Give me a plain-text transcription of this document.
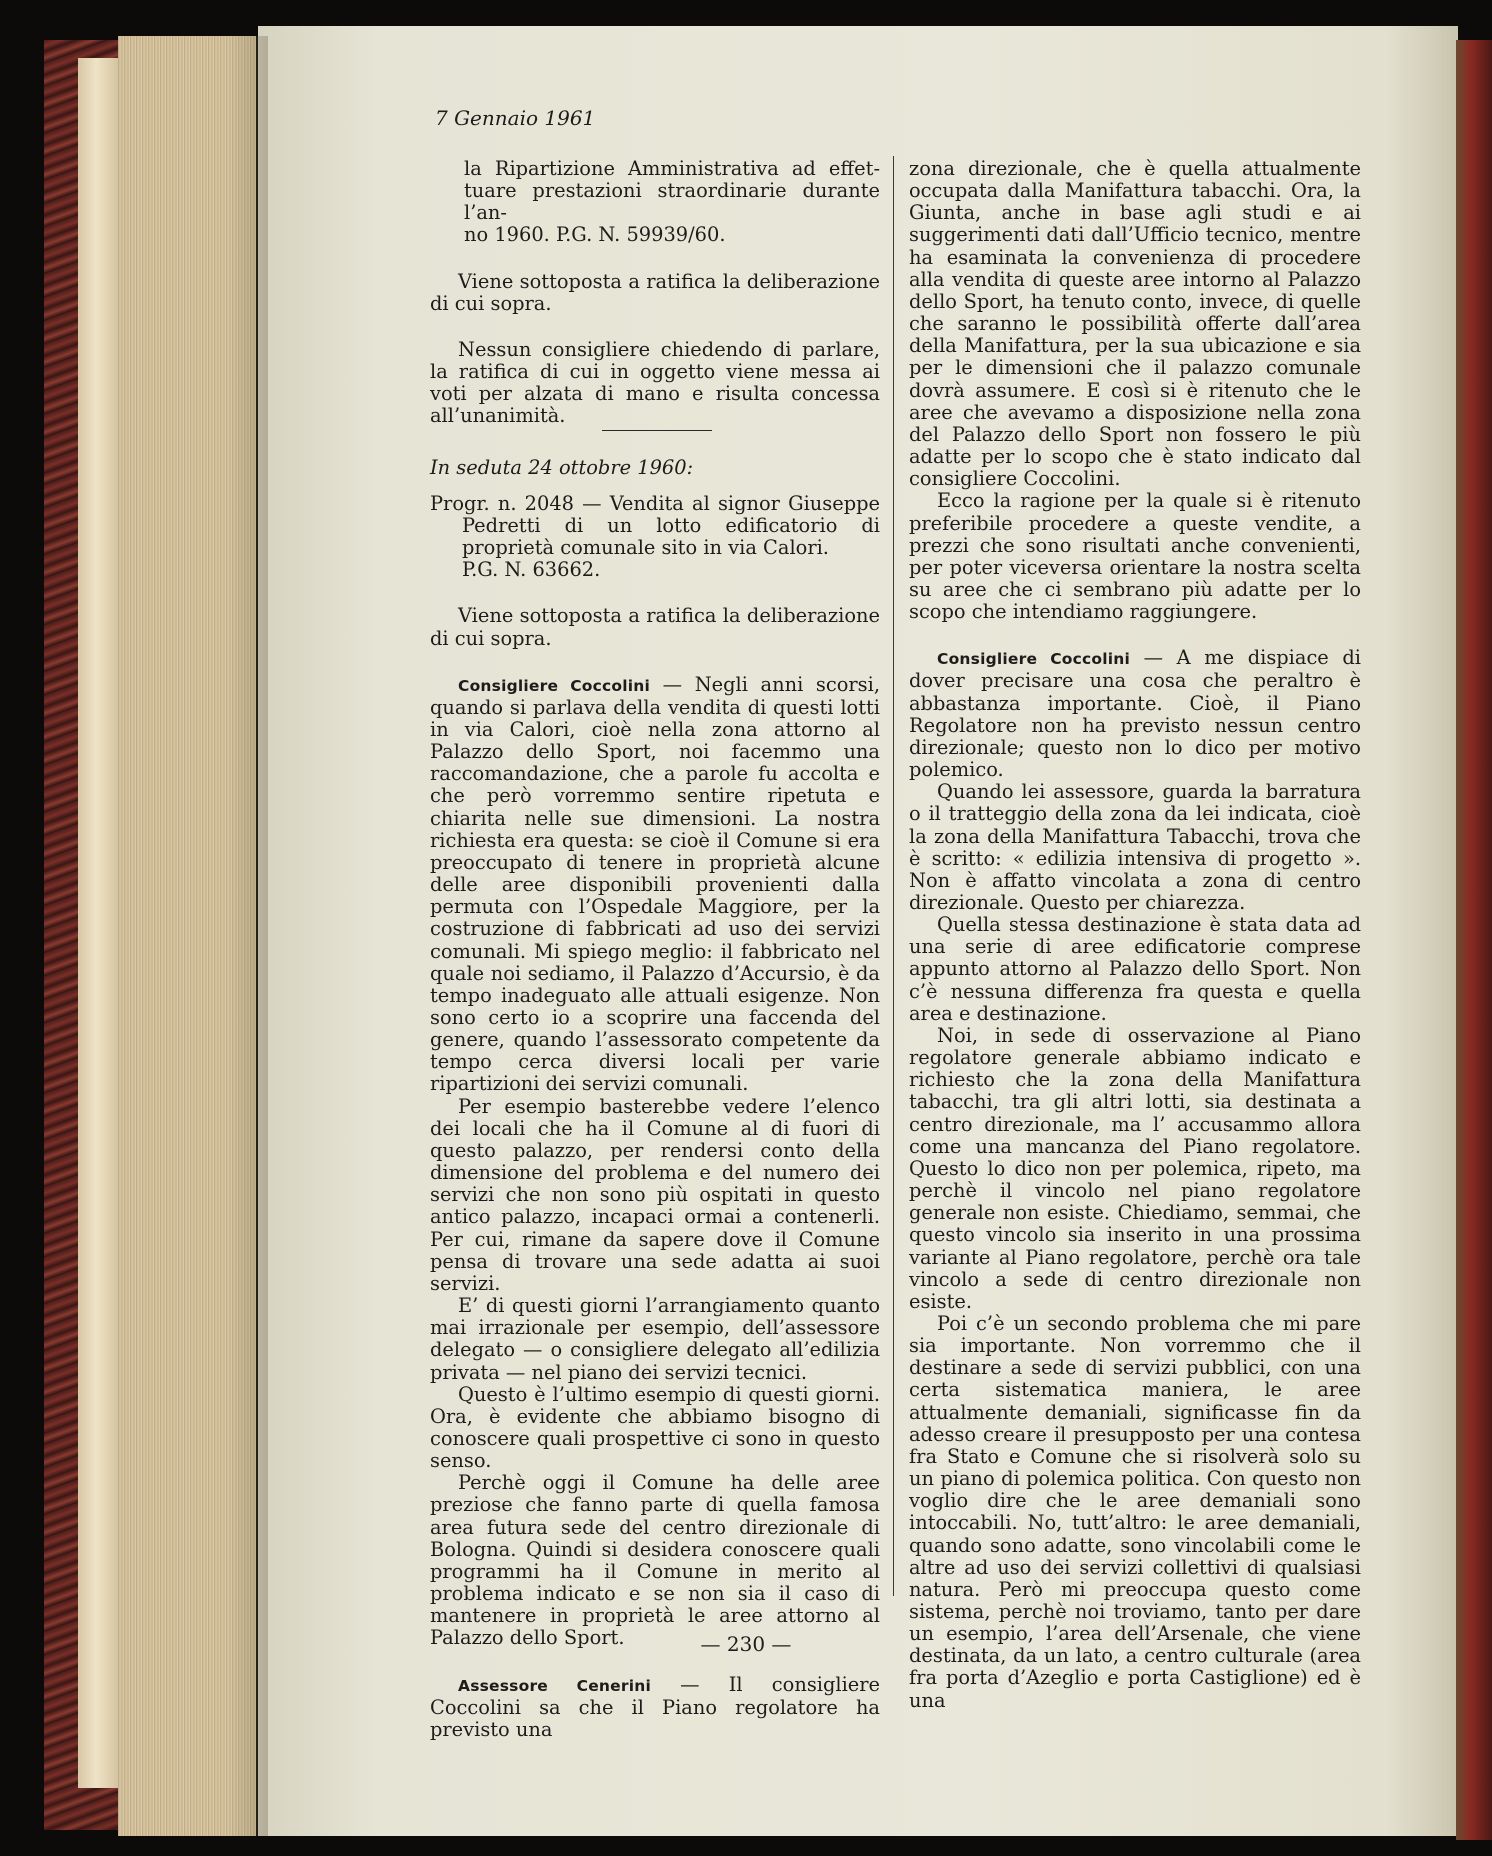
7 Gennaio 1961
la Ripartizione Amministrativa ad effet-
tuare prestazioni straordinarie durante l’an-
no 1960. P.G. N. 59939/60.

Viene sottoposta a ratifica la deliberazione di cui sopra.

Nessun consigliere chiedendo di parlare, la ratifica di cui in oggetto viene messa ai voti per alzata di mano e risulta concessa all’unanimità.

In seduta 24 ottobre 1960:

Progr. n. 2048 — Vendita al signor Giuseppe Pedretti di un lotto edificatorio di proprietà comunale sito in via Calori.

P.G. N. 63662.

Viene sottoposta a ratifica la deliberazione di cui sopra.

Consigliere Coccolini — Negli anni scorsi, quando si parlava della vendita di questi lotti in via Calori, cioè nella zona attorno al Palazzo dello Sport, noi facemmo una raccomandazione, che a parole fu accolta e che però vorremmo sentire ripetuta e chiarita nelle sue dimensioni. La nostra richiesta era questa: se cioè il Comune si era preoccupato di tenere in proprietà alcune delle aree disponibili provenienti dalla permuta con l’Ospedale Maggiore, per la costruzione di fabbricati ad uso dei servizi comunali. Mi spiego meglio: il fabbricato nel quale noi sediamo, il Palazzo d’Accursio, è da tempo inadeguato alle attuali esigenze. Non sono certo io a scoprire una faccenda del genere, quando l’assessorato competente da tempo cerca diversi locali per varie ripartizioni dei servizi comunali.

Per esempio basterebbe vedere l’elenco dei locali che ha il Comune al di fuori di questo palazzo, per rendersi conto della dimensione del problema e del numero dei servizi che non sono più ospitati in questo antico palazzo, incapaci ormai a contenerli. Per cui, rimane da sapere dove il Comune pensa di trovare una sede adatta ai suoi servizi.

E’ di questi giorni l’arrangiamento quanto mai irrazionale per esempio, dell’assessore delegato — o consigliere delegato all’edilizia privata — nel piano dei servizi tecnici.

Questo è l’ultimo esempio di questi giorni. Ora, è evidente che abbiamo bisogno di conoscere quali prospettive ci sono in questo senso.

Perchè oggi il Comune ha delle aree preziose che fanno parte di quella famosa area futura sede del centro direzionale di Bologna. Quindi si desidera conoscere quali programmi ha il Comune in merito al problema indicato e se non sia il caso di mantenere in proprietà le aree attorno al Palazzo dello Sport.

Assessore Cenerini — Il consigliere Coccolini sa che il Piano regolatore ha previsto una

zona direzionale, che è quella attualmente occupata dalla Manifattura tabacchi. Ora, la Giunta, anche in base agli studi e ai suggerimenti dati dall’Ufficio tecnico, mentre ha esaminata la convenienza di procedere alla vendita di queste aree intorno al Palazzo dello Sport, ha tenuto conto, invece, di quelle che saranno le possibilità offerte dall’area della Manifattura, per la sua ubicazione e sia per le dimensioni che il palazzo comunale dovrà assumere. E così si è ritenuto che le aree che avevamo a disposizione nella zona del Palazzo dello Sport non fossero le più adatte per lo scopo che è stato indicato dal consigliere Coccolini.

Ecco la ragione per la quale si è ritenuto preferibile procedere a queste vendite, a prezzi che sono risultati anche convenienti, per poter viceversa orientare la nostra scelta su aree che ci sembrano più adatte per lo scopo che intendiamo raggiungere.

Consigliere Coccolini — A me dispiace di dover precisare una cosa che peraltro è abbastanza importante. Cioè, il Piano Regolatore non ha previsto nessun centro direzionale; questo non lo dico per motivo polemico.

Quando lei assessore, guarda la barratura o il tratteggio della zona da lei indicata, cioè la zona della Manifattura Tabacchi, trova che è scritto: « edilizia intensiva di progetto ». Non è affatto vincolata a zona di centro direzionale. Questo per chiarezza.

Quella stessa destinazione è stata data ad una serie di aree edificatorie comprese appunto attorno al Palazzo dello Sport. Non c’è nessuna differenza fra questa e quella area e destinazione.

Noi, in sede di osservazione al Piano regolatore generale abbiamo indicato e richiesto che la zona della Manifattura tabacchi, tra gli altri lotti, sia destinata a centro direzionale, ma l’ accusammo allora come una mancanza del Piano regolatore. Questo lo dico non per polemica, ripeto, ma perchè il vincolo nel piano regolatore generale non esiste. Chiediamo, semmai, che questo vincolo sia inserito in una prossima variante al Piano regolatore, perchè ora tale vincolo a sede di centro direzionale non esiste.

Poi c’è un secondo problema che mi pare sia importante. Non vorremmo che il destinare a sede di servizi pubblici, con una certa sistematica maniera, le aree attualmente demaniali, significasse fin da adesso creare il presupposto per una contesa fra Stato e Comune che si risolverà solo su un piano di polemica politica. Con questo non voglio dire che le aree demaniali sono intoccabili. No, tutt’altro: le aree demaniali, quando sono adatte, sono vincolabili come le altre ad uso dei servizi collettivi di qualsiasi natura. Però mi preoccupa questo come sistema, perchè noi troviamo, tanto per dare un esempio, l’area dell’Arsenale, che viene destinata, da un lato, a centro culturale (area fra porta d’Azeglio e porta Castiglione) ed è una

— 230 —
